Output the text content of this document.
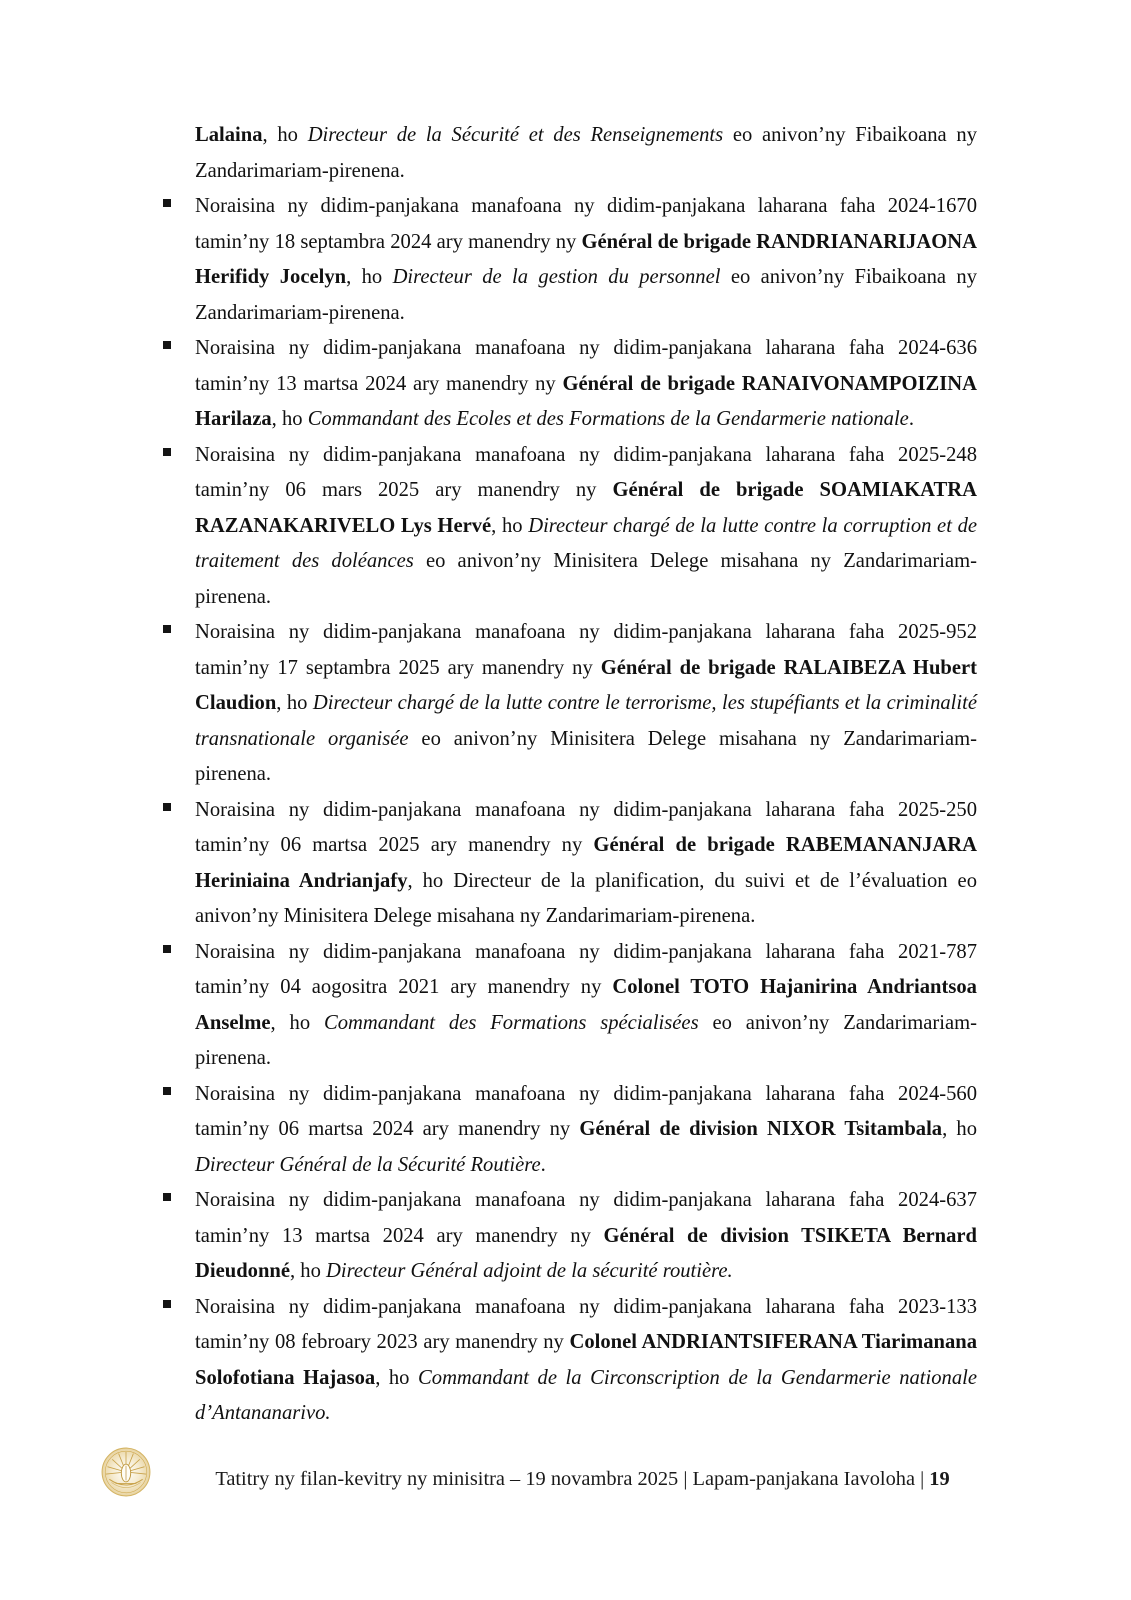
Lalaina, ho Directeur de la Sécurité et des Renseignements eo anivon’ny Fibaikoana ny Zandarimariam-pirenena.
Noraisina ny didim-panjakana manafoana ny didim-panjakana laharana faha 2024-1670 tamin’ny 18 septambra 2024 ary manendry ny Général de brigade RANDRIANARIJAONA Herifidy Jocelyn, ho Directeur de la gestion du personnel eo anivon’ny Fibaikoana ny Zandarimariam-pirenena.
Noraisina ny didim-panjakana manafoana ny didim-panjakana laharana faha 2024-636 tamin’ny 13 martsa 2024 ary manendry ny Général de brigade RANAIVONAMPOIZINA Harilaza, ho Commandant des Ecoles et des Formations de la Gendarmerie nationale.
Noraisina ny didim-panjakana manafoana ny didim-panjakana laharana faha 2025-248 tamin’ny 06 mars 2025 ary manendry ny Général de brigade SOAMIAKATRA RAZANAKARIVELO Lys Hervé, ho Directeur chargé de la lutte contre la corruption et de traitement des doléances eo anivon’ny Minisitera Delege misahana ny Zandarimariam-pirenena.
Noraisina ny didim-panjakana manafoana ny didim-panjakana laharana faha 2025-952 tamin’ny 17 septambra 2025 ary manendry ny Général de brigade RALAIBEZA Hubert Claudion, ho Directeur chargé de la lutte contre le terrorisme, les stupéfiants et la criminalité transnationale organisée eo anivon’ny Minisitera Delege misahana ny Zandarimariam-pirenena.
Noraisina ny didim-panjakana manafoana ny didim-panjakana laharana faha 2025-250 tamin’ny 06 martsa 2025 ary manendry ny Général de brigade RABEMANANJARA Heriniaina Andrianjafy, ho Directeur de la planification, du suivi et de l’évaluation eo anivon’ny Minisitera Delege misahana ny Zandarimariam-pirenena.
Noraisina ny didim-panjakana manafoana ny didim-panjakana laharana faha 2021-787 tamin’ny 04 aogositra 2021 ary manendry ny Colonel TOTO Hajanirina Andriantsoa Anselme, ho Commandant des Formations spécialisées eo anivon’ny Zandarimariam-pirenena.
Noraisina ny didim-panjakana manafoana ny didim-panjakana laharana faha 2024-560 tamin’ny 06 martsa 2024 ary manendry ny Général de division NIXOR Tsitambala, ho Directeur Général de la Sécurité Routière.
Noraisina ny didim-panjakana manafoana ny didim-panjakana laharana faha 2024-637 tamin’ny 13 martsa 2024 ary manendry ny Général de division TSIKETA Bernard Dieudonné, ho Directeur Général adjoint de la sécurité routière.
Noraisina ny didim-panjakana manafoana ny didim-panjakana laharana faha 2023-133 tamin’ny 08 febroary 2023 ary manendry ny Colonel ANDRIANTSIFERANA Tiarimanana Solofotiana Hajasoa, ho Commandant de la Circonscription de la Gendarmerie nationale d’Antananarivo.
Tatitry ny filan-kevitry ny minisitra – 19 novambra 2025 | Lapam-panjakana Iavoloha | 19
